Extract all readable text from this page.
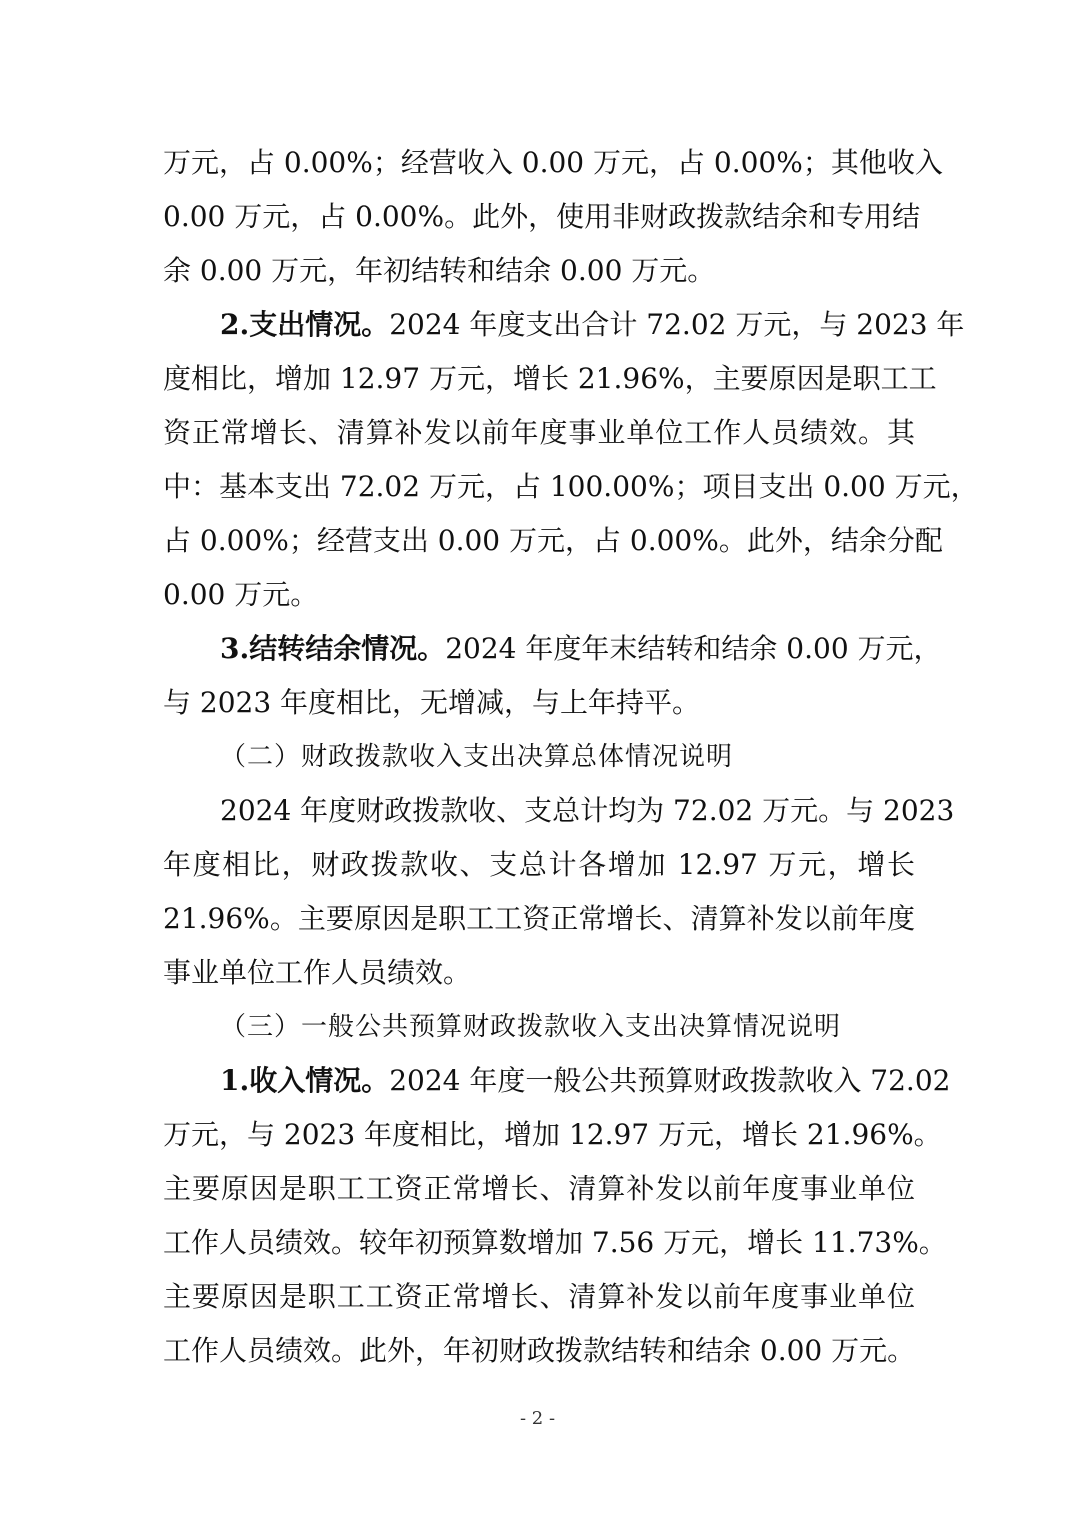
万元，占 0.00%；经营收入 0.00 万元，占 0.00%；其他收入
0.00 万元，占 0.00%。此外，使用非财政拨款结余和专用结
余 0.00 万元，年初结转和结余 0.00 万元。
2.支出情况。2024 年度支出合计 72.02 万元，与 2023 年
度相比，增加 12.97 万元，增长 21.96%，主要原因是职工工
资正常增长、清算补发以前年度事业单位工作人员绩效。其
中：基本支出 72.02 万元，占 100.00%；项目支出 0.00 万元，
占 0.00%；经营支出 0.00 万元，占 0.00%。此外，结余分配
0.00 万元。
3.结转结余情况。2024 年度年末结转和结余 0.00 万元，
与 2023 年度相比，无增减，与上年持平。
（二）财政拨款收入支出决算总体情况说明
2024 年度财政拨款收、支总计均为 72.02 万元。与 2023
年度相比，财政拨款收、支总计各增加 12.97 万元，增长
21.96%。主要原因是职工工资正常增长、清算补发以前年度
事业单位工作人员绩效。
（三）一般公共预算财政拨款收入支出决算情况说明
1.收入情况。2024 年度一般公共预算财政拨款收入 72.02
万元，与 2023 年度相比，增加 12.97 万元，增长 21.96%。
主要原因是职工工资正常增长、清算补发以前年度事业单位
工作人员绩效。较年初预算数增加 7.56 万元，增长 11.73%。
主要原因是职工工资正常增长、清算补发以前年度事业单位
工作人员绩效。此外，年初财政拨款结转和结余 0.00 万元。
- 2 -
